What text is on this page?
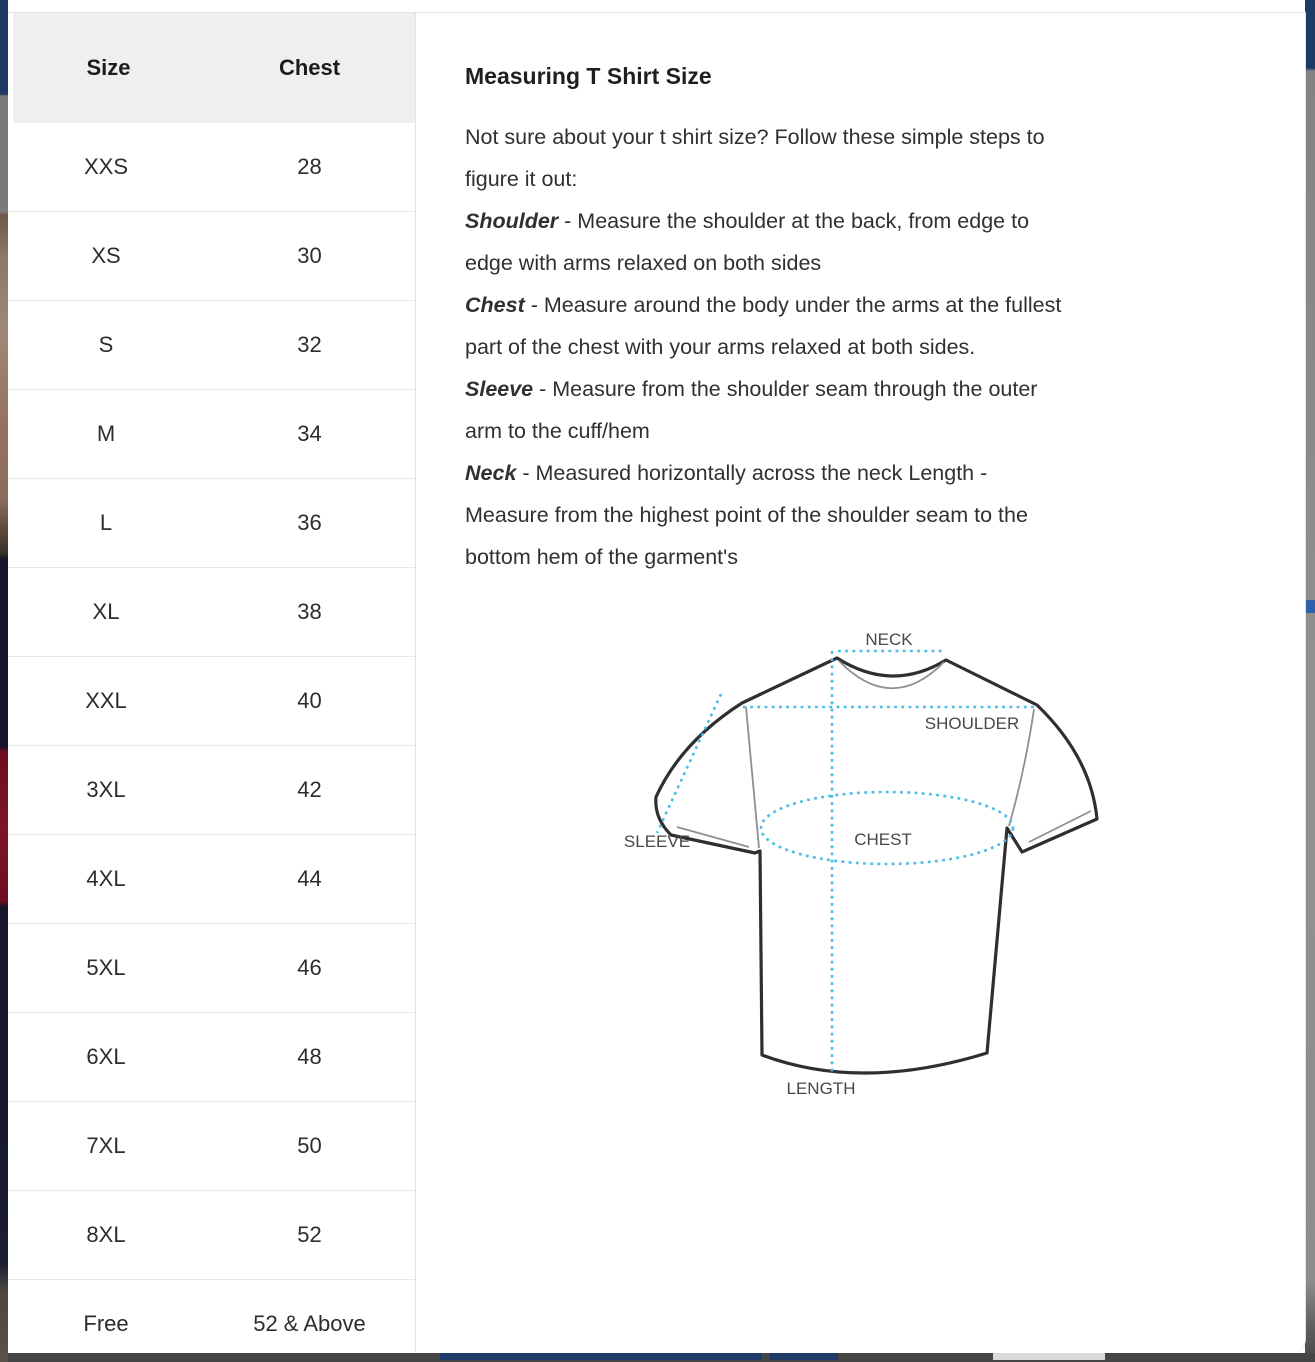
Size	Chest
XXS	28
XS	30
S	32
M	34
L	36
XL	38
XXL	40
3XL	42
4XL	44
5XL	46
6XL	48
7XL	50
8XL	52
Free	52 & Above
Measuring T Shirt Size
Not sure about your t shirt size? Follow these simple steps to
figure it out:
Shoulder - Measure the shoulder at the back, from edge to
edge with arms relaxed on both sides
Chest - Measure around the body under the arms at the fullest
part of the chest with your arms relaxed at both sides.
Sleeve - Measure from the shoulder seam through the outer
arm to the cuff/hem
Neck - Measured horizontally across the neck Length -
Measure from the highest point of the shoulder seam to the
bottom hem of the garment's
NECK
SHOULDER
CHEST
SLEEVE
LENGTH
